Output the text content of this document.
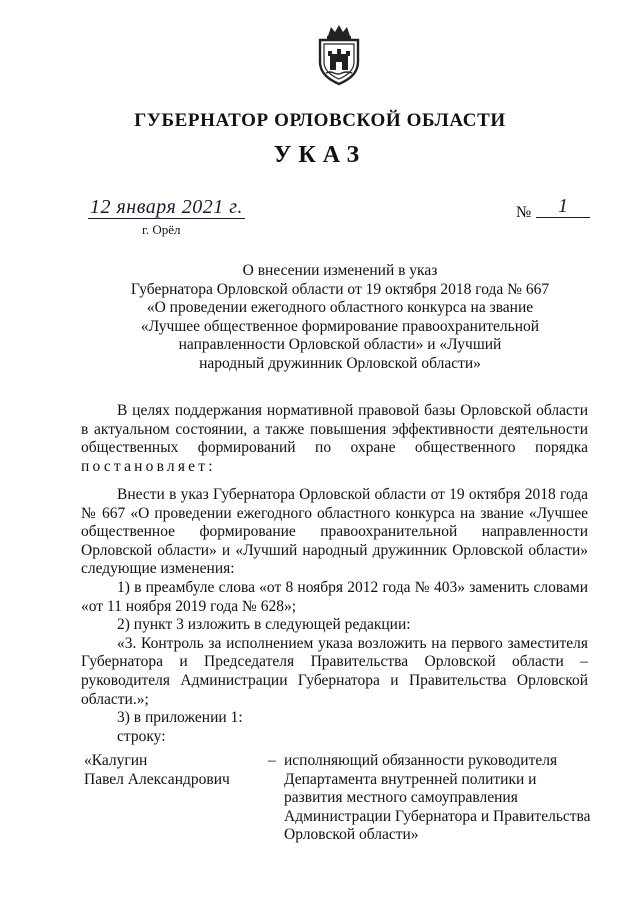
ГУБЕРНАТОР ОРЛОВСКОЙ ОБЛАСТИ
УКАЗ
12 января 2021 г.
г. Орёл
№	1
О внесении изменений в указ
Губернатора Орловской области от 19 октября 2018 года № 667
«О проведении ежегодного областного конкурса на звание
«Лучшее общественное формирование правоохранительной
направленности Орловской области» и «Лучший
народный дружинник Орловской области»

В целях поддержания нормативной правовой базы Орловской области в актуальном состоянии, а также повышения эффективности деятельности общественных формирований по охране общественного порядка

постановляет:

Внести в указ Губернатора Орловской области от 19 октября 2018 года № 667 «О проведении ежегодного областного конкурса на звание «Лучшее общественное формирование правоохранительной направленности Орловской области» и «Лучший народный дружинник Орловской области» следующие изменения:

1) в преамбуле слова «от 8 ноября 2012 года № 403» заменить словами «от 11 ноября 2019 года № 628»;

2) пункт 3 изложить в следующей редакции:

«3. Контроль за исполнением указа возложить на первого заместителя Губернатора и Председателя Правительства Орловской области – руководителя Администрации Губернатора и Правительства Орловской области.»;

3) в приложении 1:

строку:

«Калугин
Павел Александрович
– исполняющий обязанности руководителя Департамента внутренней политики и развития местного самоуправления Администрации Губернатора и Правительства Орловской области»
